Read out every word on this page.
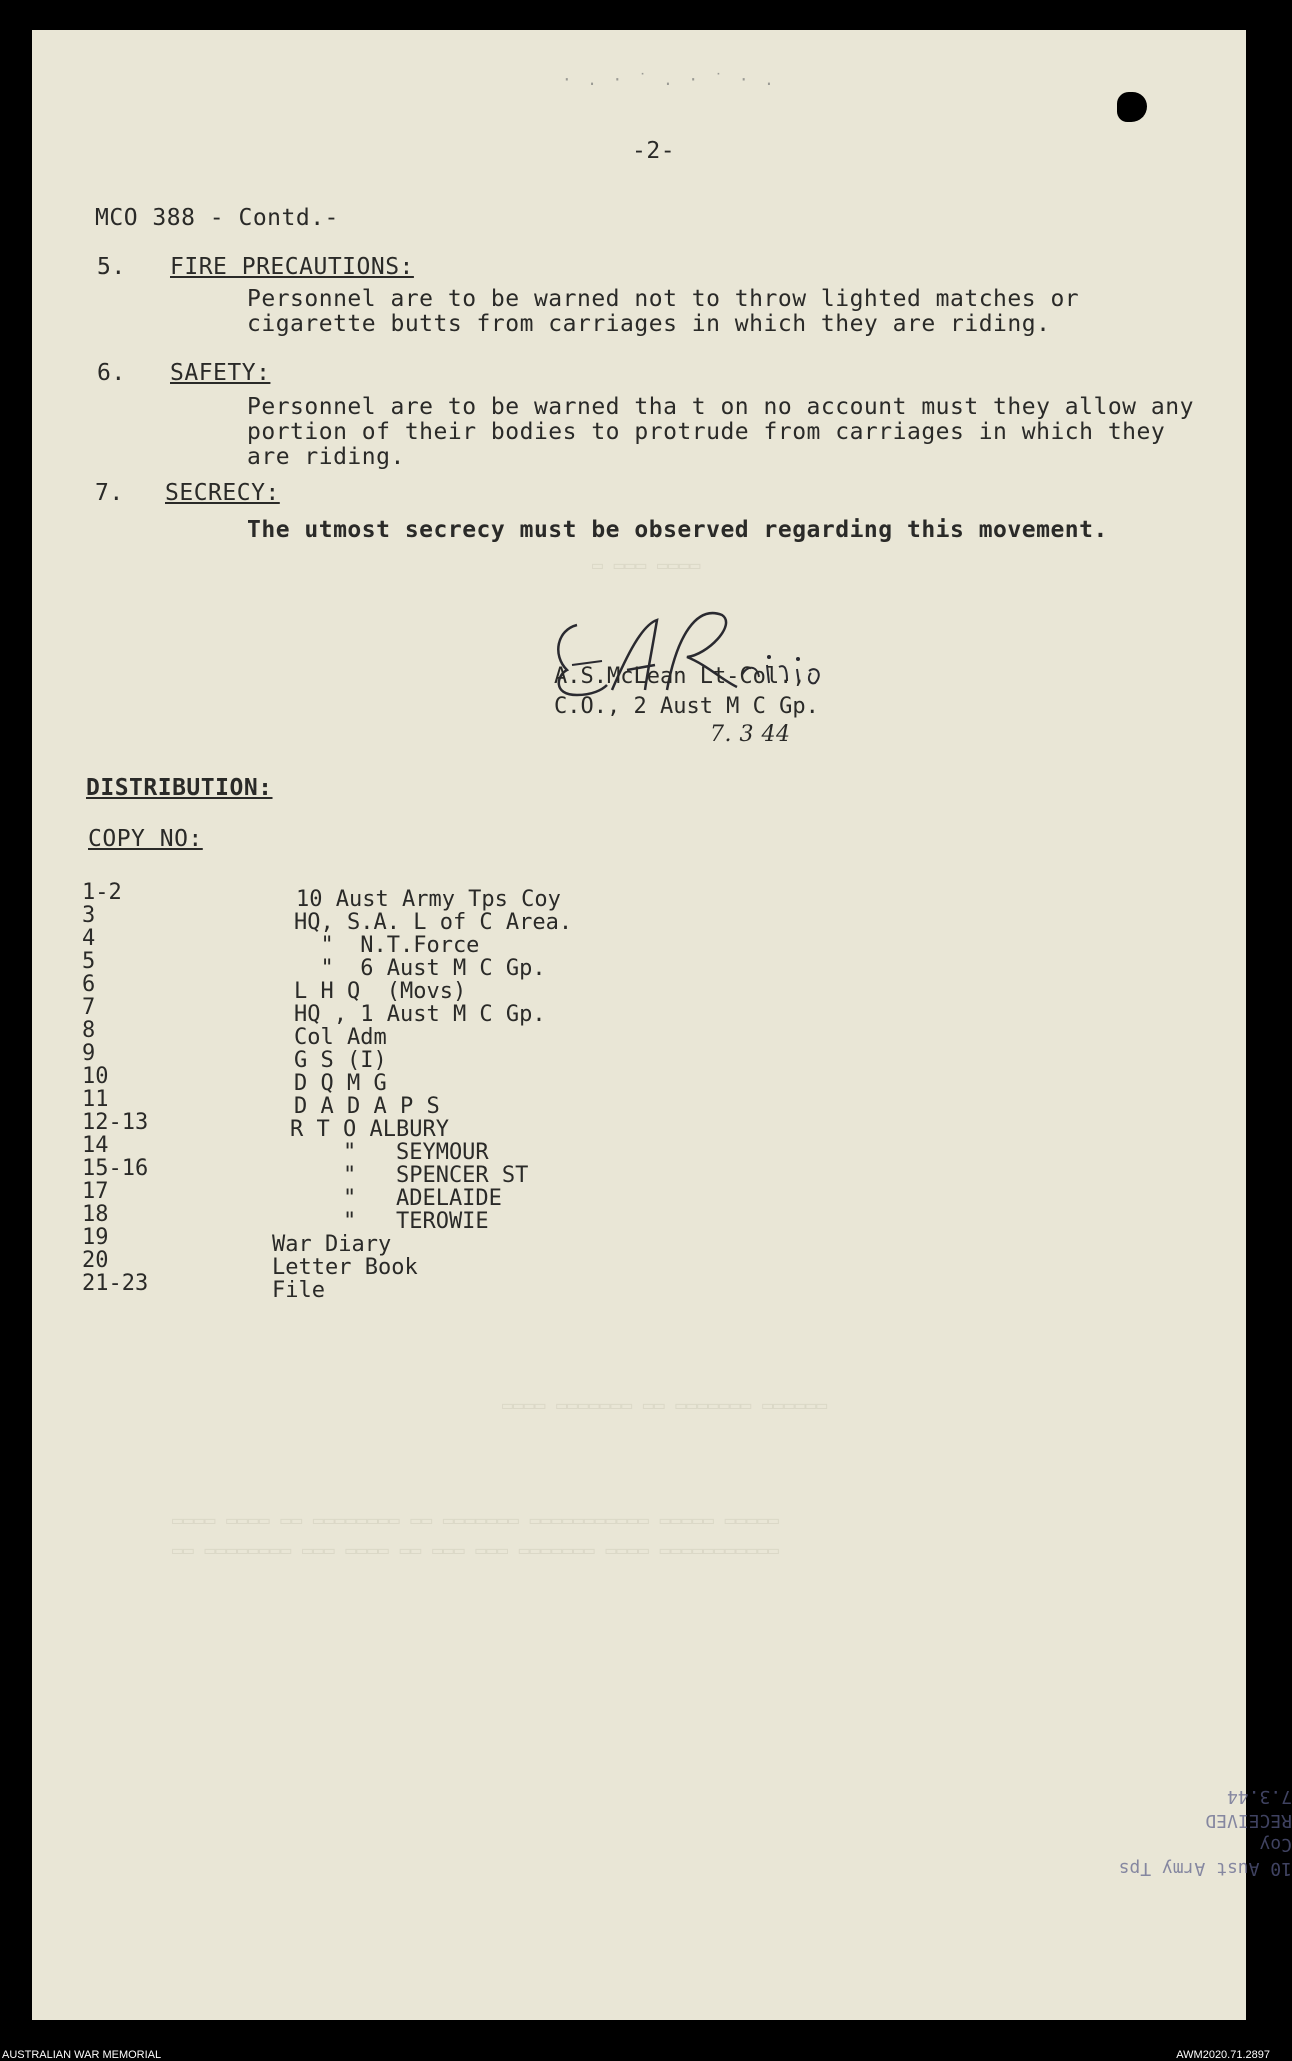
· . · ˙ . · ˙ · .
-2-
MCO 388 - Contd.-
5. FIRE PRECAUTIONS:
Personnel are to be warned not to throw lighted matches or cigarette butts from carriages in which they are riding.
6. SAFETY:
Personnel are to be warned tha t on no account must they allow any portion of their bodies to protrude from carriages in which they are riding.
7. SECRECY:
The utmost secrecy must be observed regarding this movement.
A.S.McLean Lt-Col.,
C.O., 2 Aust M C Gp.
7. 3 44
DISTRIBUTION:
COPY NO:
1-2	10 Aust Army Tps Coy
3	HQ, S.A. L of C Area.
4	"  N.T.Force
5	"  6 Aust M C Gp.
6	L H Q  (Movs)
7	HQ , 1 Aust M C Gp.
8	Col Adm
9	G S (I)
10	D Q M G
11	D A D A P S
12-13	R T O ALBURY
14	"   SEYMOUR
15-16	"   SPENCER ST
17	"   ADELAIDE
18	"   TEROWIE
19	War Diary
20	Letter Book
21-23	File
▭ ▭▭▭ ▭▭▭▭
▭▭▭▭ ▭▭▭▭▭▭▭ ▭▭ ▭▭▭▭▭▭▭ ▭▭▭▭▭▭
▭▭▭▭ ▭▭▭▭ ▭▭ ▭▭▭▭▭▭▭▭ ▭▭ ▭▭▭▭▭▭▭ ▭▭▭▭▭▭▭▭▭▭▭ ▭▭▭▭▭ ▭▭▭▭▭
▭▭ ▭▭▭▭▭▭▭▭ ▭▭▭ ▭▭▭▭ ▭▭ ▭▭▭ ▭▭▭ ▭▭▭▭▭▭▭ ▭▭▭▭ ▭▭▭▭▭▭▭▭▭▭▭
10 Aust Army Tps
Coy
RECEIVED
7.3.44
AUSTRALIAN WAR MEMORIAL	AWM2020.71.2897
